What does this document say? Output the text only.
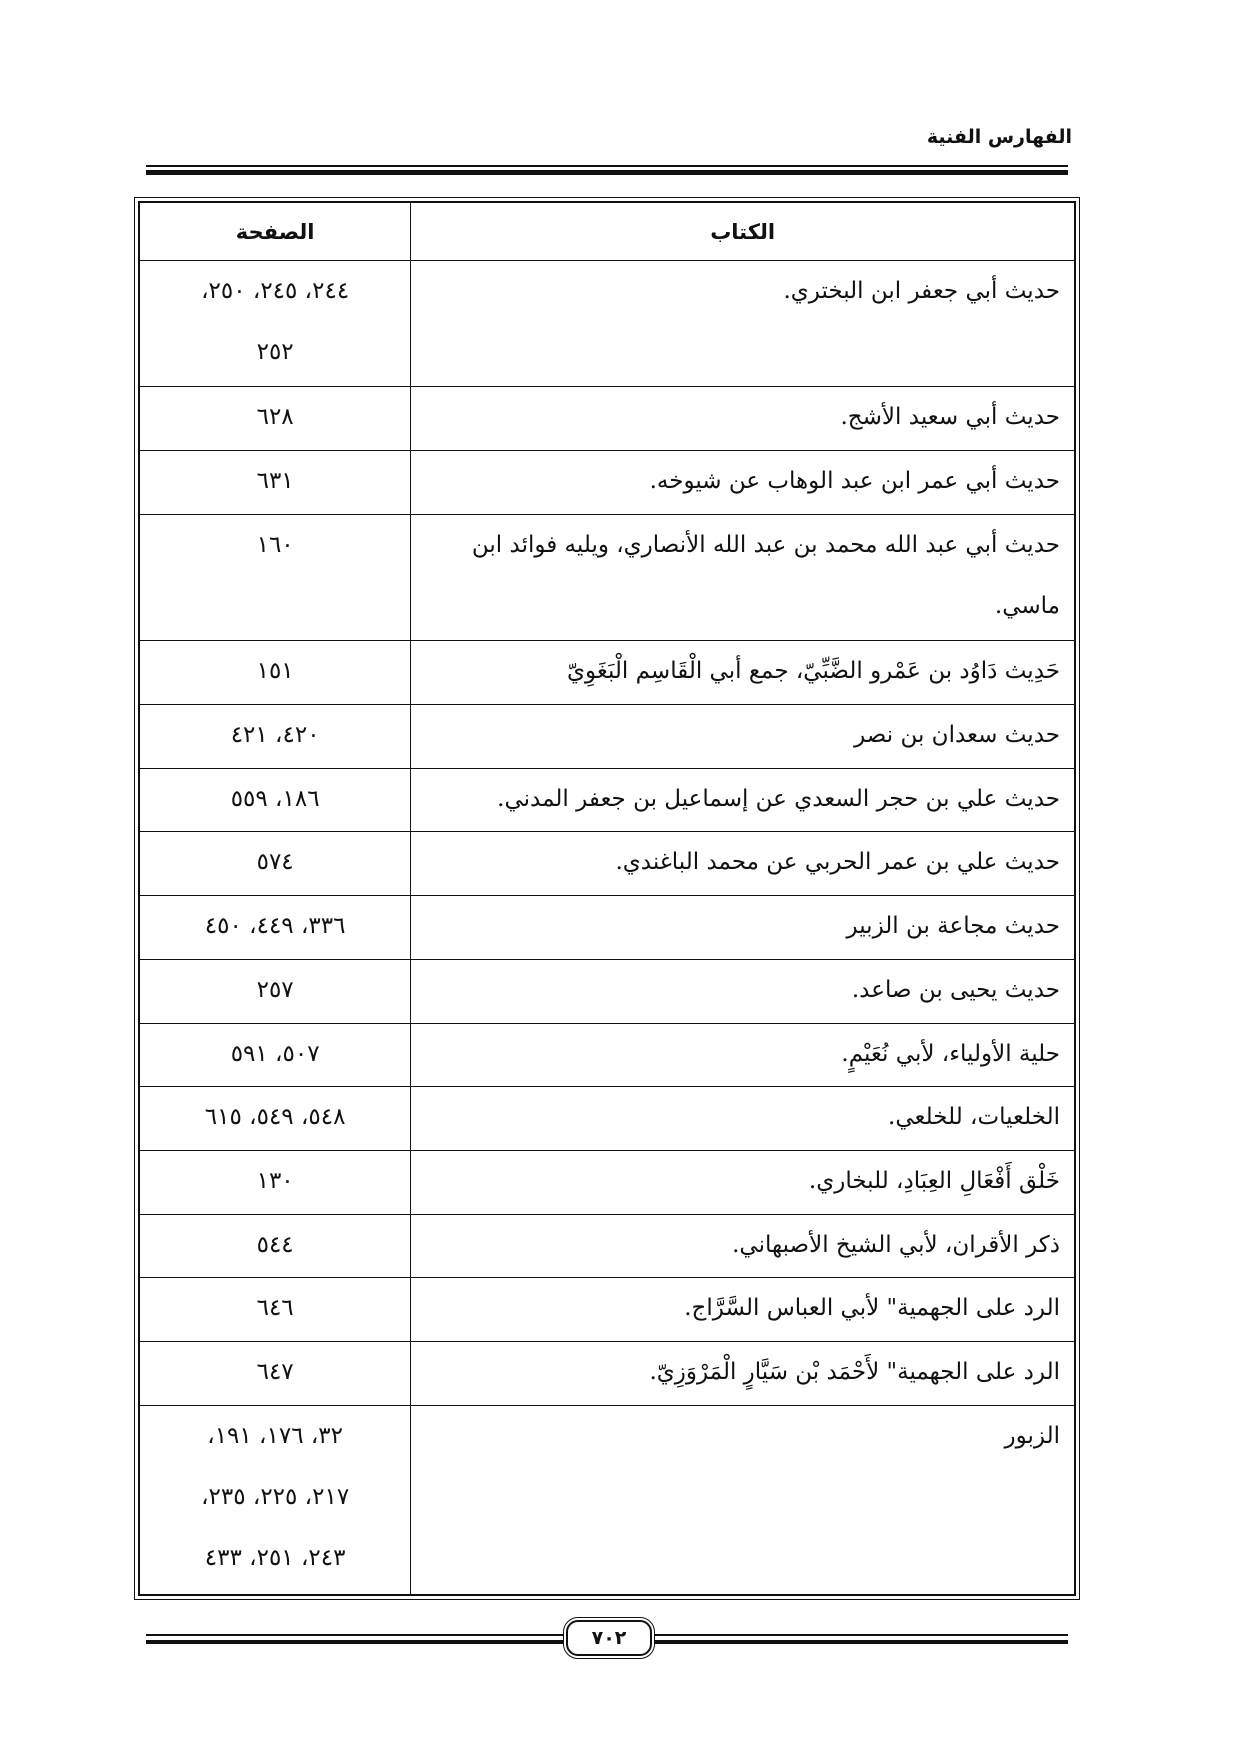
الفهارس الفنية
الكتاب	الصفحة
حديث أبي جعفر ابن البختري.	٢٤٤، ٢٤٥، ٢٥٠،
٢٥٢

حديث أبي سعيد الأشج.	٦٢٨

حديث أبي عمر ابن عبد الوهاب عن شيوخه.	٦٣١

حديث أبي عبد الله محمد بن عبد الله الأنصاري، ويليه فوائد ابن ماسي.	١٦٠

حَدِيث دَاوُد بن عَمْرو الضَّبِّيّ، جمع أبي الْقَاسِم الْبَغَوِيّ	١٥١

حديث سعدان بن نصر	٤٢٠، ٤٢١

حديث علي بن حجر السعدي عن إسماعيل بن جعفر المدني.	١٨٦، ٥٥٩

حديث علي بن عمر الحربي عن محمد الباغندي.	٥٧٤

حديث مجاعة بن الزبير	٣٣٦، ٤٤٩، ٤٥٠

حديث يحيى بن صاعد.	٢٥٧

حلية الأولياء، لأبي نُعَيْمٍ.	٥٠٧، ٥٩١

الخلعيات، للخلعي.	٥٤٨، ٥٤٩، ٦١٥

خَلْق أَفْعَالِ العِبَادِ، للبخاري.	١٣٠

ذكر الأقران، لأبي الشيخ الأصبهاني.	٥٤٤

الرد على الجهمية" لأبي العباس السَّرَّاج.	٦٤٦

الرد على الجهمية" لأَحْمَد بْن سَيَّارٍ الْمَرْوَزِيّ.	٦٤٧

الزبور	٣٢، ١٧٦، ١٩١،
٢١٧، ٢٢٥، ٢٣٥،
٢٤٣، ٢٥١، ٤٣٣
٧٠٢
